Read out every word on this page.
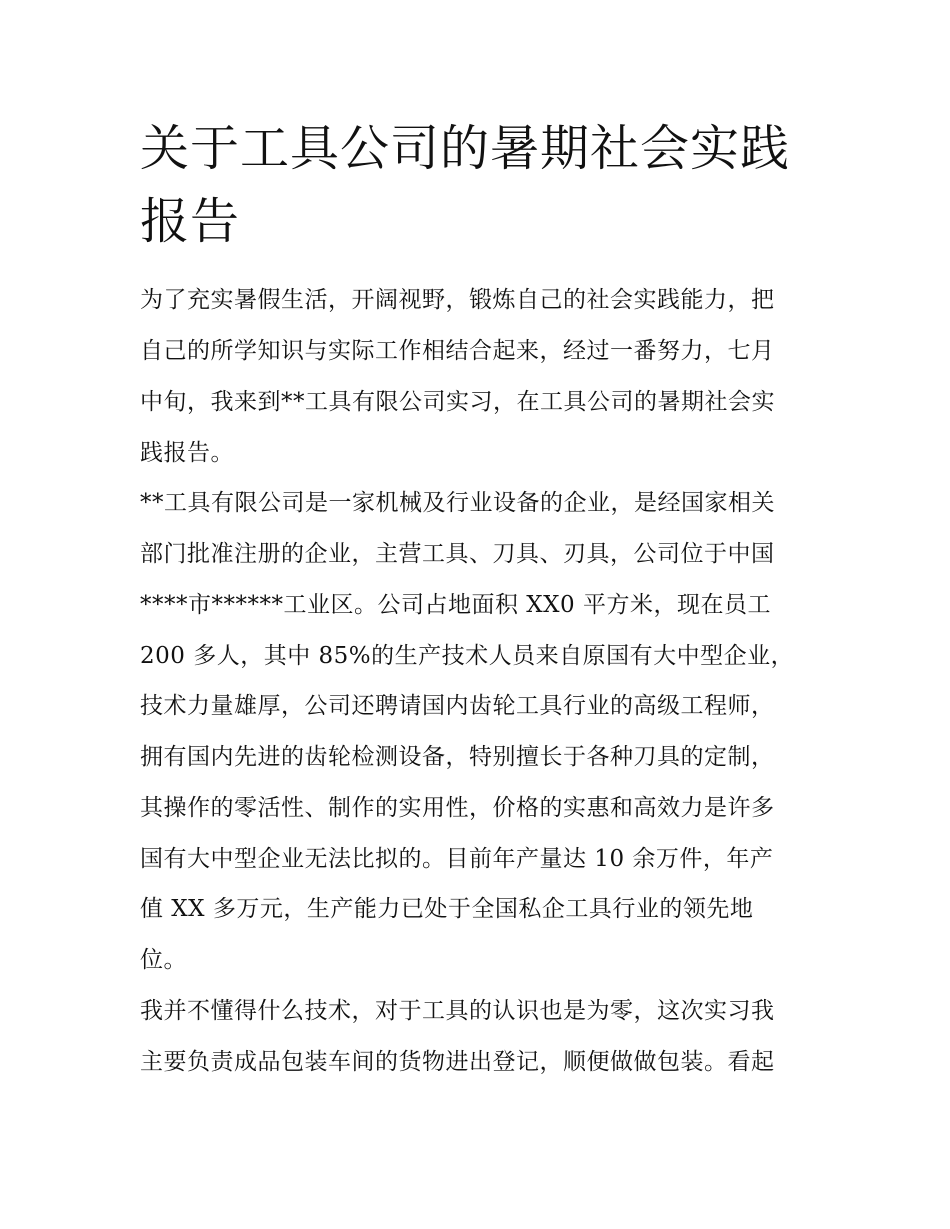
关于工具公司的暑期社会实践
报告
为了充实暑假生活，开阔视野，锻炼自己的社会实践能力，把
自己的所学知识与实际工作相结合起来，经过一番努力，七月
中旬，我来到**工具有限公司实习，在工具公司的暑期社会实
践报告。
**工具有限公司是一家机械及行业设备的企业，是经国家相关
部门批准注册的企业，主营工具、刀具、刃具，公司位于中国
****市******工业区。公司占地面积 XX0 平方米，现在员工
200 多人，其中 85%的生产技术人员来自原国有大中型企业，
技术力量雄厚，公司还聘请国内齿轮工具行业的高级工程师，
拥有国内先进的齿轮检测设备，特别擅长于各种刀具的定制，
其操作的零活性、制作的实用性，价格的实惠和高效力是许多
国有大中型企业无法比拟的。目前年产量达 10 余万件，年产
值 XX 多万元，生产能力已处于全国私企工具行业的领先地
位。
我并不懂得什么技术，对于工具的认识也是为零，这次实习我
主要负责成品包装车间的货物进出登记，顺便做做包装。看起
